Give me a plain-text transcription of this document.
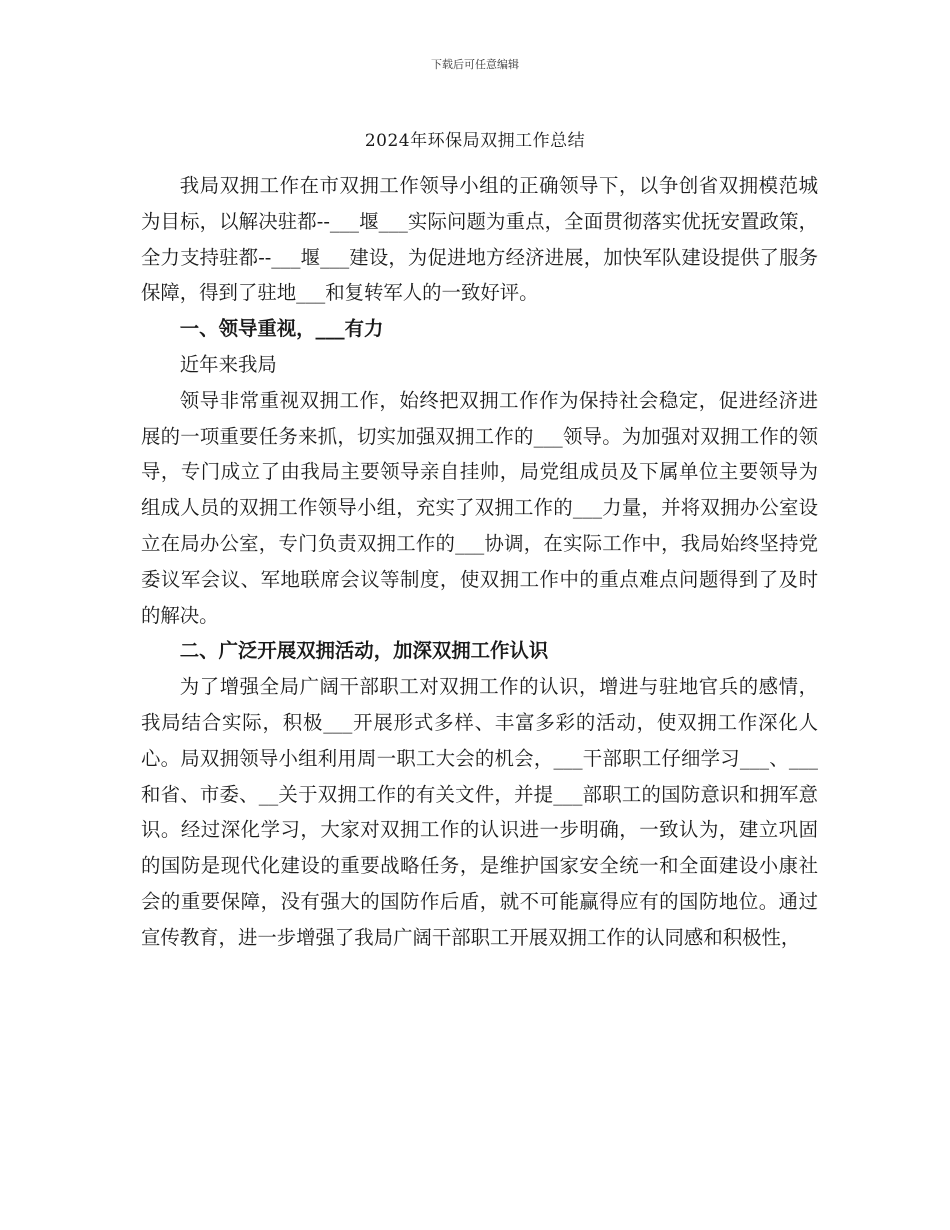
下载后可任意编辑
2024年环保局双拥工作总结

我局双拥工作在市双拥工作领导小组的正确领导下，以争创省双拥模范城为目标，以解决驻都--___堰___实际问题为重点，全面贯彻落实优抚安置政策，全力支持驻都--___堰___建设，为促进地方经济进展，加快军队建设提供了服务保障，得到了驻地___和复转军人的一致好评。

一、领导重视，___有力

近年来我局

领导非常重视双拥工作，始终把双拥工作作为保持社会稳定，促进经济进展的一项重要任务来抓，切实加强双拥工作的___领导。为加强对双拥工作的领导，专门成立了由我局主要领导亲自挂帅，局党组成员及下属单位主要领导为组成人员的双拥工作领导小组，充实了双拥工作的___力量，并将双拥办公室设立在局办公室，专门负责双拥工作的___协调，在实际工作中，我局始终坚持党委议军会议、军地联席会议等制度，使双拥工作中的重点难点问题得到了及时的解决。

二、广泛开展双拥活动，加深双拥工作认识

为了增强全局广阔干部职工对双拥工作的认识，增进与驻地官兵的感情，我局结合实际，积极___开展形式多样、丰富多彩的活动，使双拥工作深化人心。局双拥领导小组利用周一职工大会的机会，___干部职工仔细学习___、___和省、市委、__关于双拥工作的有关文件，并提___部职工的国防意识和拥军意识。经过深化学习，大家对双拥工作的认识进一步明确，一致认为，建立巩固的国防是现代化建设的重要战略任务，是维护国家安全统一和全面建设小康社会的重要保障，没有强大的国防作后盾，就不可能赢得应有的国防地位。通过宣传教育，进一步增强了我局广阔干部职工开展双拥工作的认同感和积极性，
